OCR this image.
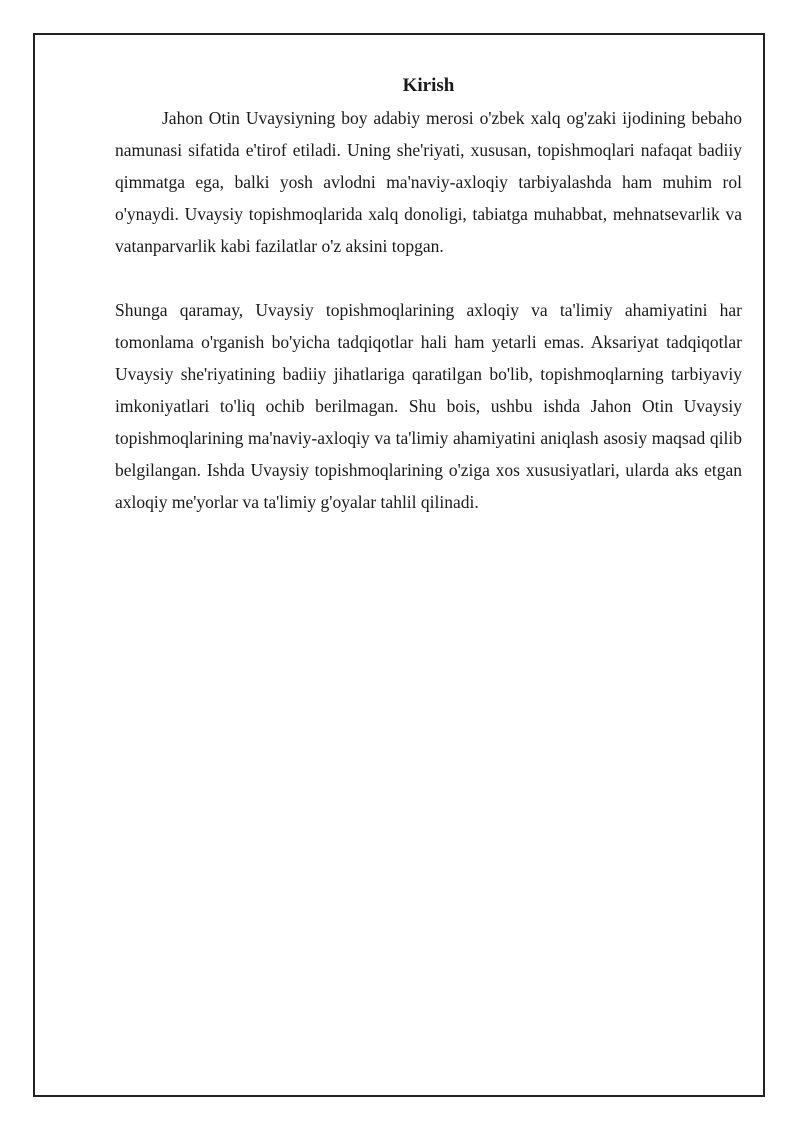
Kirish

Jahon Otin Uvaysiyning boy adabiy merosi o'zbek xalq og'zaki ijodining bebaho namunasi sifatida e'tirof etiladi. Uning she'riyati, xususan, topishmoqlari nafaqat badiiy qimmatga ega, balki yosh avlodni ma'naviy-axloqiy tarbiyalashda ham muhim rol o'ynaydi. Uvaysiy topishmoqlarida xalq donoligi, tabiatga muhabbat, mehnatsevarlik va vatanparvarlik kabi fazilatlar o'z aksini topgan.

Shunga qaramay, Uvaysiy topishmoqlarining axloqiy va ta'limiy ahamiyatini har tomonlama o'rganish bo'yicha tadqiqotlar hali ham yetarli emas. Aksariyat tadqiqotlar Uvaysiy she'riyatining badiiy jihatlariga qaratilgan bo'lib, topishmoqlarning tarbiyaviy imkoniyatlari to'liq ochib berilmagan. Shu bois, ushbu ishda Jahon Otin Uvaysiy topishmoqlarining ma'naviy-axloqiy va ta'limiy ahamiyatini aniqlash asosiy maqsad qilib belgilangan. Ishda Uvaysiy topishmoqlarining o'ziga xos xususiyatlari, ularda aks etgan axloqiy me'yorlar va ta'limiy g'oyalar tahlil qilinadi.
